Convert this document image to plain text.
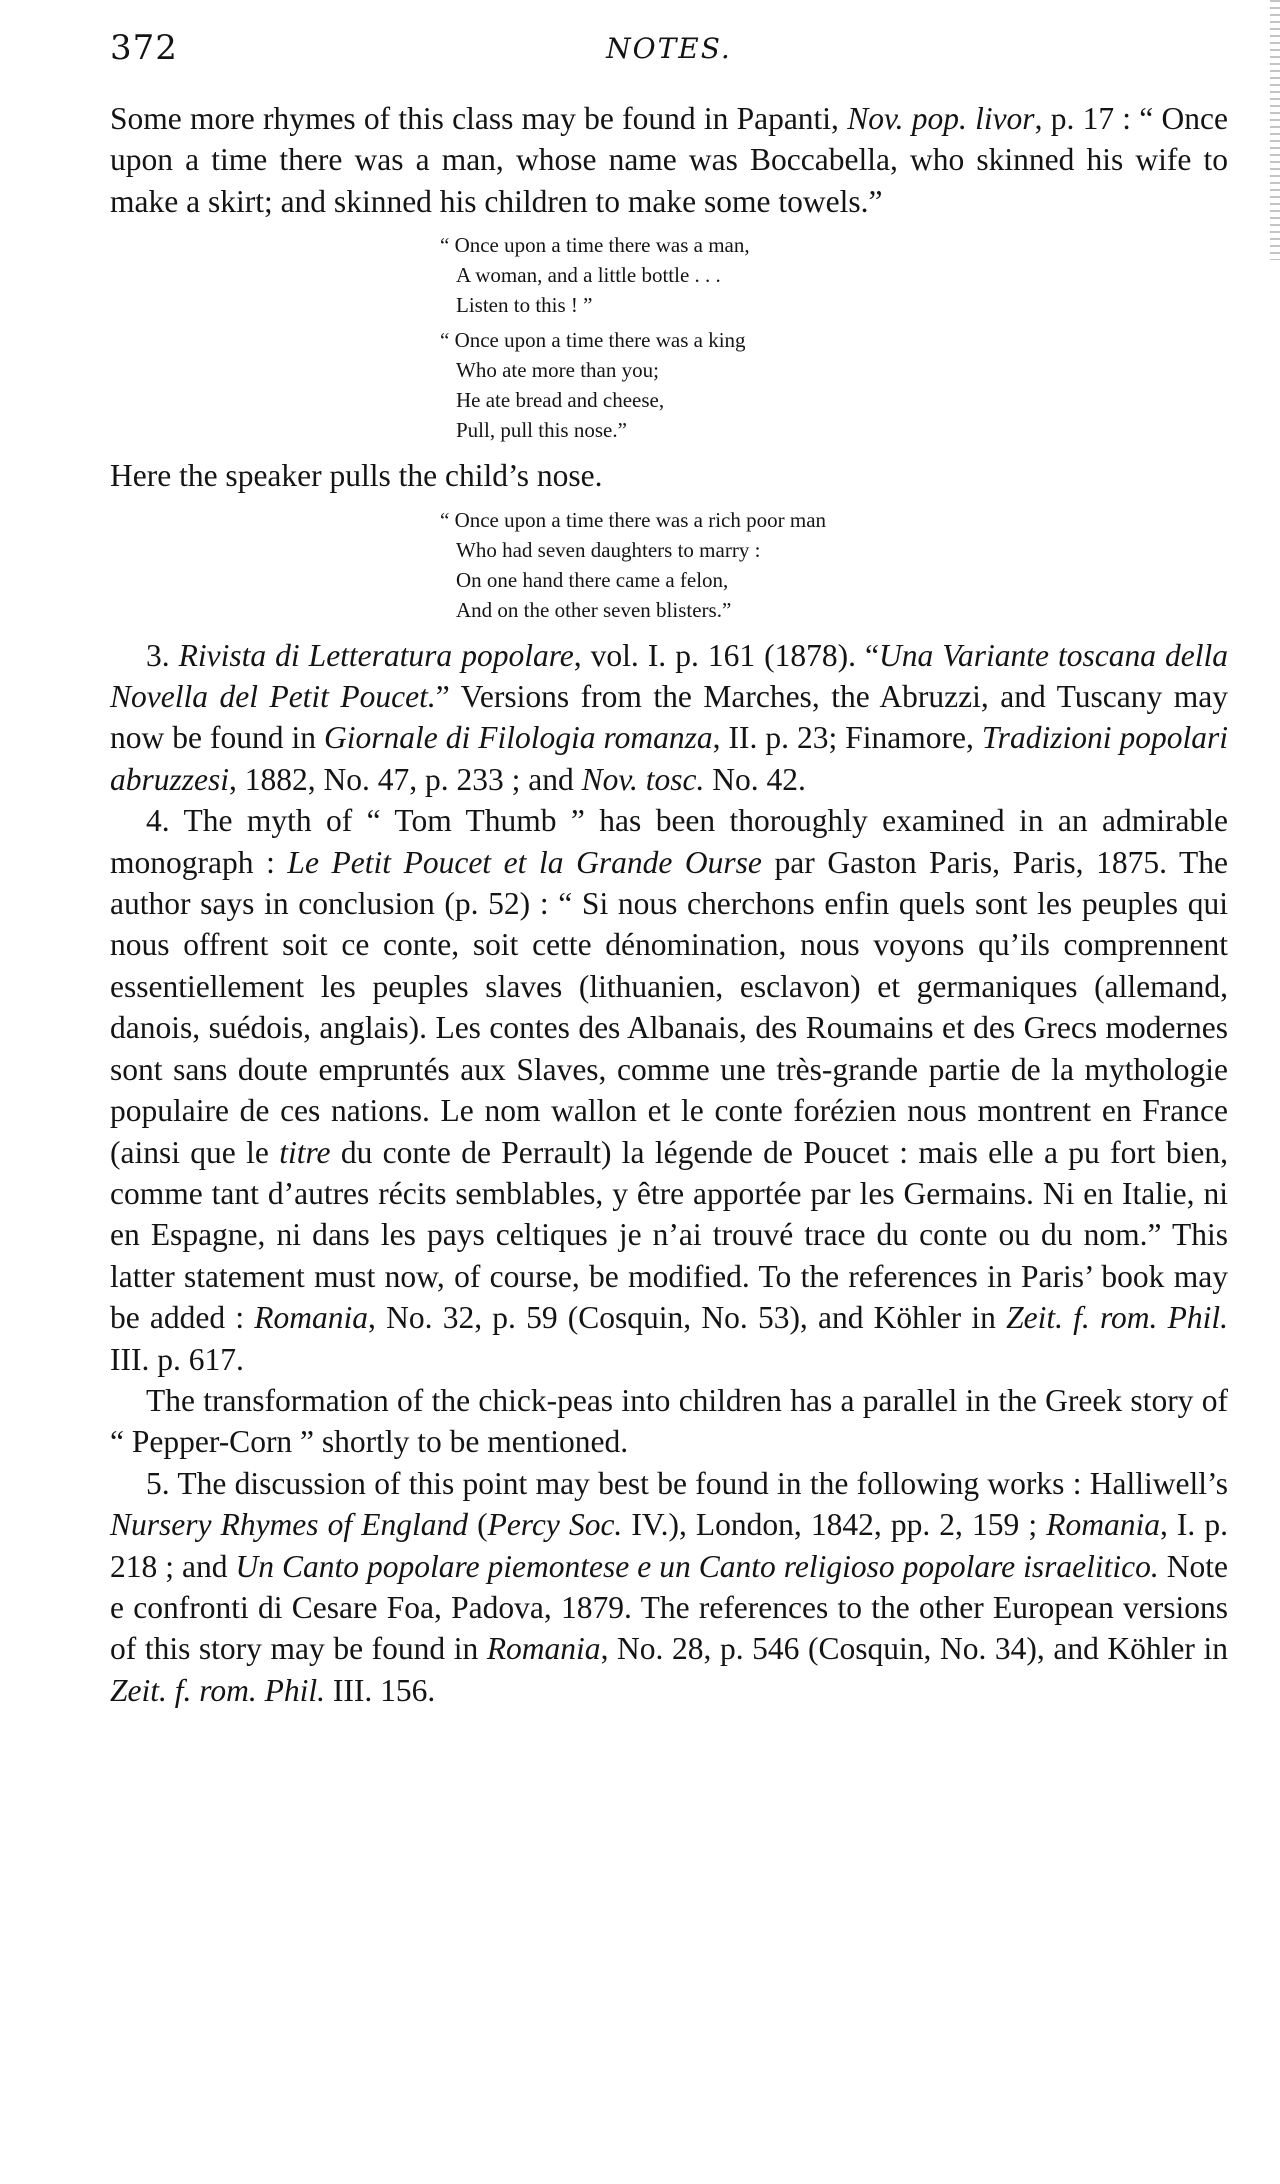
372	NOTES.

Some more rhymes of this class may be found in Papanti, Nov. pop. livor, p. 17 : “ Once upon a time there was a man, whose name was Boccabella, who skinned his wife to make a skirt; and skinned his children to make some towels.”

“ Once upon a time there was a man,
A woman, and a little bottle . . .
Listen to this ! ”
“ Once upon a time there was a king
Who ate more than you;
He ate bread and cheese,
Pull, pull this nose.”

Here the speaker pulls the child’s nose.

“ Once upon a time there was a rich poor man
Who had seven daughters to marry :
On one hand there came a felon,
And on the other seven blisters.”

3. Rivista di Letteratura popolare, vol. I. p. 161 (1878). “Una Variante toscana della Novella del Petit Poucet.” Versions from the Marches, the Abruzzi, and Tuscany may now be found in Giornale di Filologia romanza, II. p. 23; Finamore, Tradizioni popolari abruzzesi, 1882, No. 47, p. 233 ; and Nov. tosc. No. 42.

4. The myth of “ Tom Thumb ” has been thoroughly examined in an admirable monograph : Le Petit Poucet et la Grande Ourse par Gaston Paris, Paris, 1875. The author says in conclusion (p. 52) : “ Si nous cherchons enfin quels sont les peuples qui nous offrent soit ce conte, soit cette dénomination, nous voyons qu’ils comprennent essentiellement les peuples slaves (lithuanien, esclavon) et germaniques (allemand, danois, suédois, anglais). Les contes des Albanais, des Roumains et des Grecs modernes sont sans doute empruntés aux Slaves, comme une très-grande partie de la mythologie populaire de ces nations. Le nom wallon et le conte forézien nous montrent en France (ainsi que le titre du conte de Perrault) la légende de Poucet : mais elle a pu fort bien, comme tant d’autres récits semblables, y être apportée par les Germains. Ni en Italie, ni en Espagne, ni dans les pays celtiques je n’ai trouvé trace du conte ou du nom.” This latter statement must now, of course, be modified. To the references in Paris’ book may be added : Romania, No. 32, p. 59 (Cosquin, No. 53), and Köhler in Zeit. f. rom. Phil. III. p. 617.

The transformation of the chick-peas into children has a parallel in the Greek story of “ Pepper-Corn ” shortly to be mentioned.

5. The discussion of this point may best be found in the following works : Halliwell’s Nursery Rhymes of England (Percy Soc. IV.), London, 1842, pp. 2, 159 ; Romania, I. p. 218 ; and Un Canto popolare piemontese e un Canto religioso popolare israelitico. Note e confronti di Cesare Foa, Padova, 1879. The references to the other European versions of this story may be found in Romania, No. 28, p. 546 (Cosquin, No. 34), and Köhler in Zeit. f. rom. Phil. III. 156.
